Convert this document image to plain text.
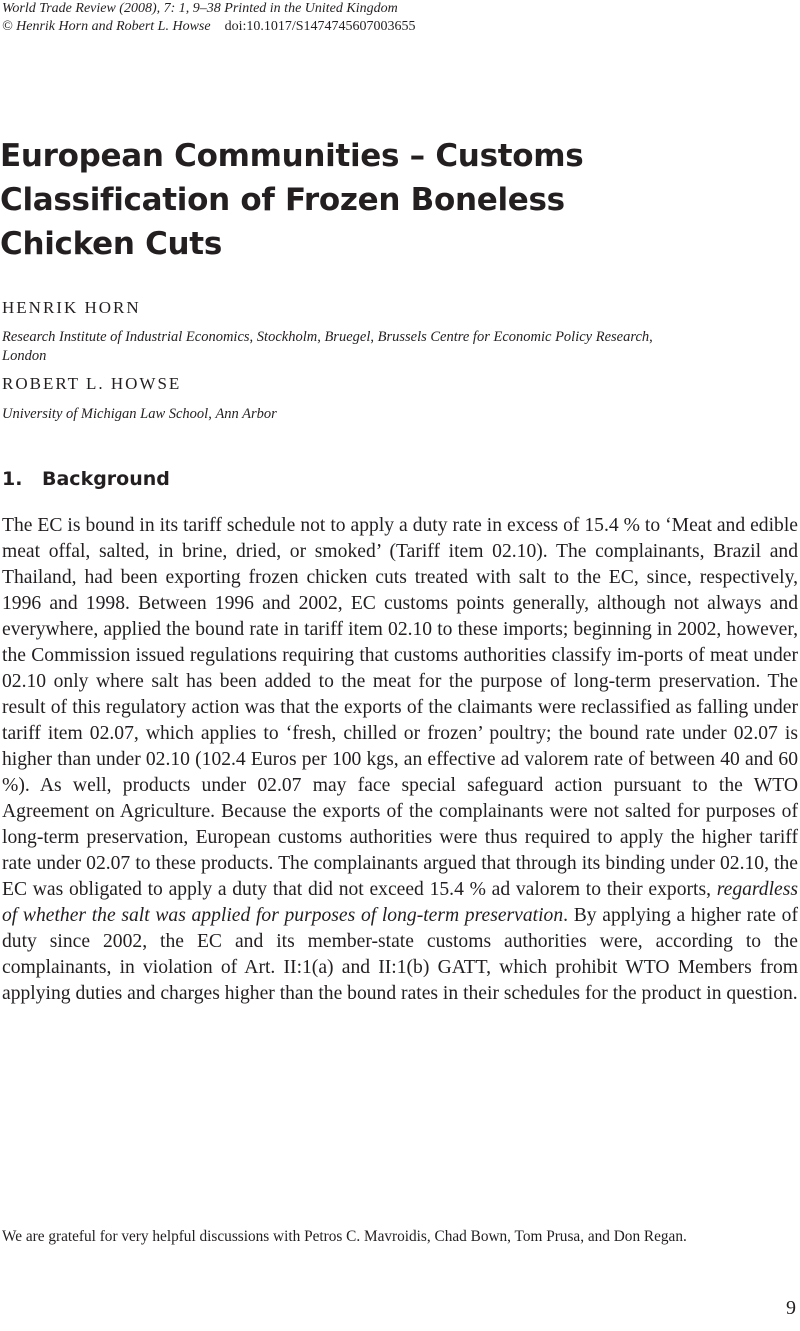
World Trade Review (2008), 7: 1, 9–38 Printed in the United Kingdom
© Henrik Horn and Robert L. Howse doi:10.1017/S1474745607003655
European Communities – Customs
Classification of Frozen Boneless
Chicken Cuts
HENRIK HORN
Research Institute of Industrial Economics, Stockholm, Bruegel, Brussels Centre for Economic Policy Research, London
ROBERT L. HOWSE
University of Michigan Law School, Ann Arbor
1. Background

The EC is bound in its tariff schedule not to apply a duty rate in excess of 15.4 % to ‘Meat and edible meat offal, salted, in brine, dried, or smoked’ (Tariff item 02.10). The complainants, Brazil and Thailand, had been exporting frozen chicken cuts treated with salt to the EC, since, respectively, 1996 and 1998. Between 1996 and 2002, EC customs points generally, although not always and everywhere, applied the bound rate in tariff item 02.10 to these imports; beginning in 2002, however, the Commission issued regulations requiring that customs authorities classify im-ports of meat under 02.10 only where salt has been added to the meat for the purpose of long-term preservation. The result of this regulatory action was that the exports of the claimants were reclassified as falling under tariff item 02.07, which applies to ‘fresh, chilled or frozen’ poultry; the bound rate under 02.07 is higher than under 02.10 (102.4 Euros per 100 kgs, an effective ad valorem rate of between 40 and 60 %). As well, products under 02.07 may face special safeguard action pursuant to the WTO Agreement on Agriculture. Because the exports of the complainants were not salted for purposes of long-term preservation, European customs authorities were thus required to apply the higher tariff rate under 02.07 to these products. The complainants argued that through its binding under 02.10, the EC was obligated to apply a duty that did not exceed 15.4 % ad valorem to their exports, regardless of whether the salt was applied for purposes of long-term preservation. By applying a higher rate of duty since 2002, the EC and its member-state customs authorities were, according to the complainants, in violation of Art. II:1(a) and II:1(b) GATT, which prohibit WTO Members from applying duties and charges higher than the bound rates in their schedules for the product in question.

We are grateful for very helpful discussions with Petros C. Mavroidis, Chad Bown, Tom Prusa, and Don Regan.

9
